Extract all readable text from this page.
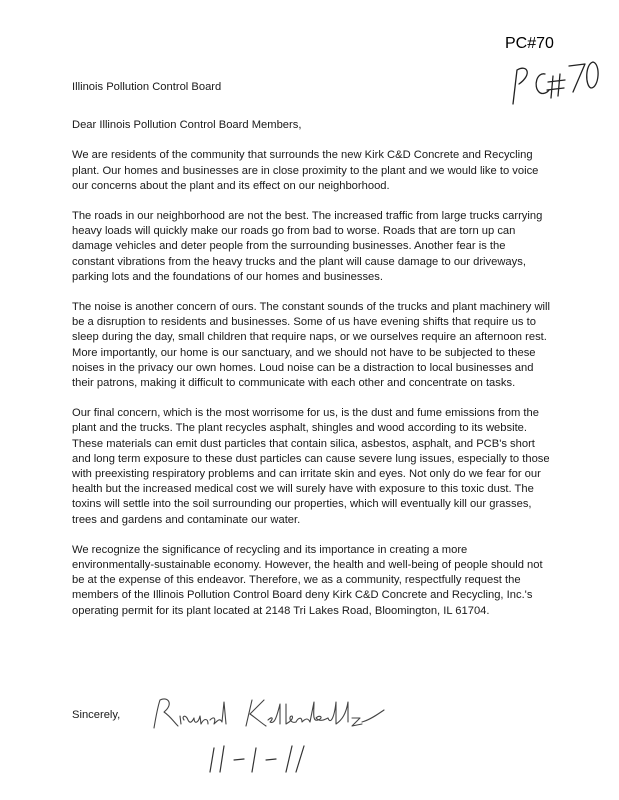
PC#70

Illinois Pollution Control Board

Dear Illinois Pollution Control Board Members,

We are residents of the community that surrounds the new Kirk C&D Concrete and Recycling plant. Our homes and businesses are in close proximity to the plant and we would like to voice our concerns about the plant and its effect on our neighborhood.

The roads in our neighborhood are not the best. The increased traffic from large trucks carrying heavy loads will quickly make our roads go from bad to worse. Roads that are torn up can damage vehicles and deter people from the surrounding businesses. Another fear is the constant vibrations from the heavy trucks and the plant will cause damage to our driveways, parking lots and the foundations of our homes and businesses.

The noise is another concern of ours. The constant sounds of the trucks and plant machinery will be a disruption to residents and businesses. Some of us have evening shifts that require us to sleep during the day, small children that require naps, or we ourselves require an afternoon rest. More importantly, our home is our sanctuary, and we should not have to be subjected to these noises in the privacy our own homes. Loud noise can be a distraction to local businesses and their patrons, making it difficult to communicate with each other and concentrate on tasks.

Our final concern, which is the most worrisome for us, is the dust and fume emissions from the plant and the trucks. The plant recycles asphalt, shingles and wood according to its website. These materials can emit dust particles that contain silica, asbestos, asphalt, and PCB's short and long term exposure to these dust particles can cause severe lung issues, especially to those with preexisting respiratory problems and can irritate skin and eyes. Not only do we fear for our health but the increased medical cost we will surely have with exposure to this toxic dust. The toxins will settle into the soil surrounding our properties, which will eventually kill our grasses, trees and gardens and contaminate our water.

We recognize the significance of recycling and its importance in creating a more environmentally-sustainable economy. However, the health and well-being of people should not be at the expense of this endeavor. Therefore, we as a community, respectfully request the members of the Illinois Pollution Control Board deny Kirk C&D Concrete and Recycling, Inc.'s operating permit for its plant located at 2148 Tri Lakes Road, Bloomington, IL 61704.

Sincerely,
